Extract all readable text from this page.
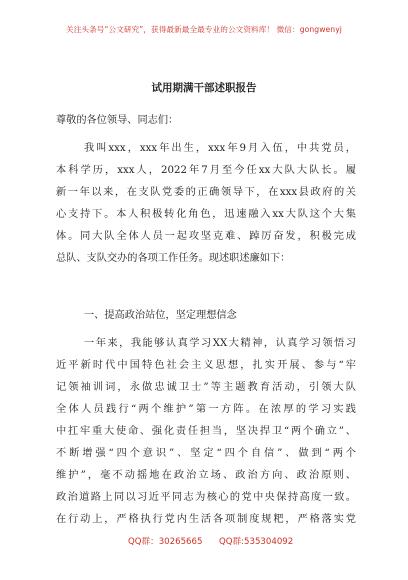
关注头条号“公文研究”，获得最新最全最专业的公文资料库！ 微信：gongwenyj
试用期满干部述职报告
尊敬的各位领导、同志们：
我叫xxx，xxx年出生，xxx年9月入伍，中共党员，
本科学历，xxx人，2022年7月至今任xx大队大队长。履
新一年以来，在支队党委的正确领导下，在xxx县政府的关
心支持下。本人积极转化角色，迅速融入xx大队这个大集
体。同大队全体人员一起攻坚克难、踔厉奋发，积极完成
总队、支队交办的各项工作任务。现述职述廉如下：
一、提高政治站位，坚定理想信念
一年来，我能够认真学习XX大精神，认真学习领悟习
近平新时代中国特色社会主义思想，扎实开展、参与“牢
记领袖训词，永做忠诚卫士”等主题教育活动，引领大队
全体人员践行“两个维护”第一方阵。在浓厚的学习实践
中扛牢重大使命、强化责任担当，坚决捍卫“两个确立”、
不断增强“四个意识”、坚定“四个自信”、做到“两个
维护”，毫不动摇地在政治立场、政治方向、政治原则、
政治道路上同以习近平同志为核心的党中央保持高度一致。
在行动上，严格执行党内生活各项制度规粑，严格落实党
QQ群：30265665 QQ群:535304092
